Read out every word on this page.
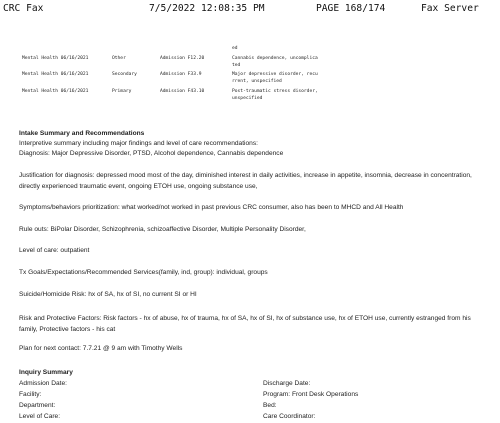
CRC Fax	7/5/2022 12:08:35 PM	PAGE 168/174	Fax Server
ed
Mental Health 06/16/2021	Other	Admission F12.20	Cannabis dependence, uncomplica
ted
Mental Health 06/16/2021	Secondary	Admission F33.9	Major depressive disorder, recu
rrent, unspecified
Mental Health 06/16/2021	Primary	Admission F43.10	Post-traumatic stress disorder,
unspecified
Intake Summary and Recommendations
Interpretive summary including major findings and level of care recommendations:
Diagnosis: Major Depressive Disorder, PTSD, Alcohol dependence, Cannabis dependence
Justification for diagnosis: depressed mood most of the day, diminished interest in daily activities, increase in appetite, insomnia, decrease in concentration, directly experienced traumatic event, ongoing ETOH use, ongoing substance use,
Symptoms/behaviors prioritization: what worked/not worked in past previous CRC consumer, also has been to MHCD and All Health
Rule outs: BiPolar Disorder, Schizophrenia, schizoaffective Disorder, Multiple Personality Disorder,
Level of care: outpatient
Tx Goals/Expectations/Recommended Services(family, ind, group): individual, groups
Suicide/Homicide Risk: hx of SA, hx of SI, no current SI or HI
Risk and Protective Factors: Risk factors - hx of abuse, hx of trauma, hx of SA, hx of SI, hx of substance use, hx of ETOH use, currently estranged from his family, Protective factors - his cat
Plan for next contact: 7.7.21 @ 9 am with Timothy Wells
Inquiry Summary
Admission Date:
Facility:
Department:
Level of Care:
Discharge Date:
Program: Front Desk Operations
Bed:
Care Coordinator:
